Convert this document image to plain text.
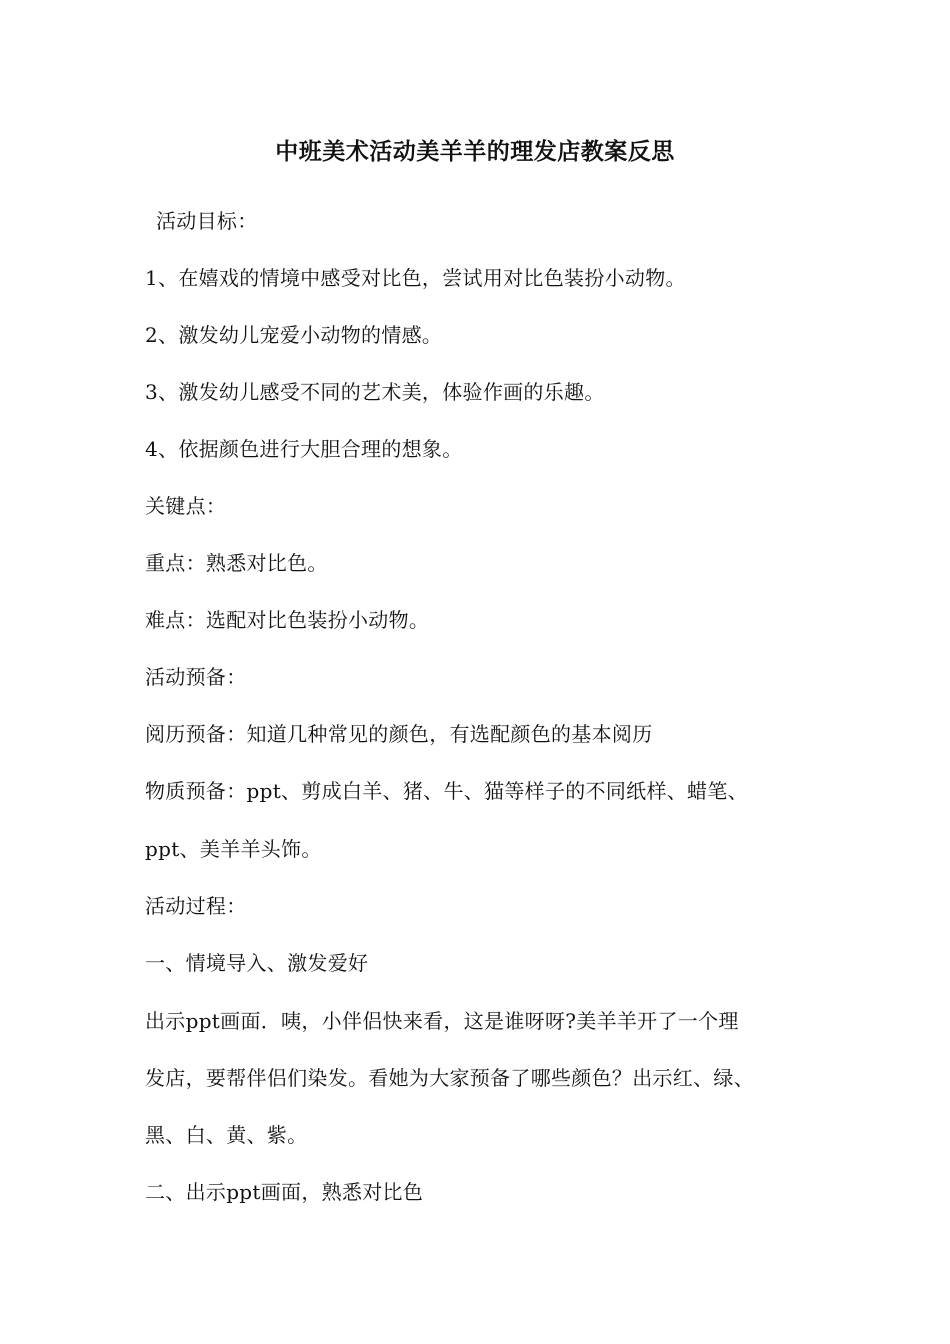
中班美术活动美羊羊的理发店教案反思
活动目标：
1、在嬉戏的情境中感受对比色，尝试用对比色装扮小动物。
2、激发幼儿宠爱小动物的情感。
3、激发幼儿感受不同的艺术美，体验作画的乐趣。
4、依据颜色进行大胆合理的想象。
关键点：
重点：熟悉对比色。
难点：选配对比色装扮小动物。
活动预备：
阅历预备：知道几种常见的颜色，有选配颜色的基本阅历
物质预备：ppt、剪成白羊、猪、牛、猫等样子的不同纸样、蜡笔、
ppt、美羊羊头饰。
活动过程：
一、情境导入、激发爱好
出示ppt画面．咦，小伴侣快来看，这是谁呀呀?美羊羊开了一个理
发店，要帮伴侣们染发。看她为大家预备了哪些颜色？出示红、绿、
黑、白、黄、紫。
二、出示ppt画面，熟悉对比色
